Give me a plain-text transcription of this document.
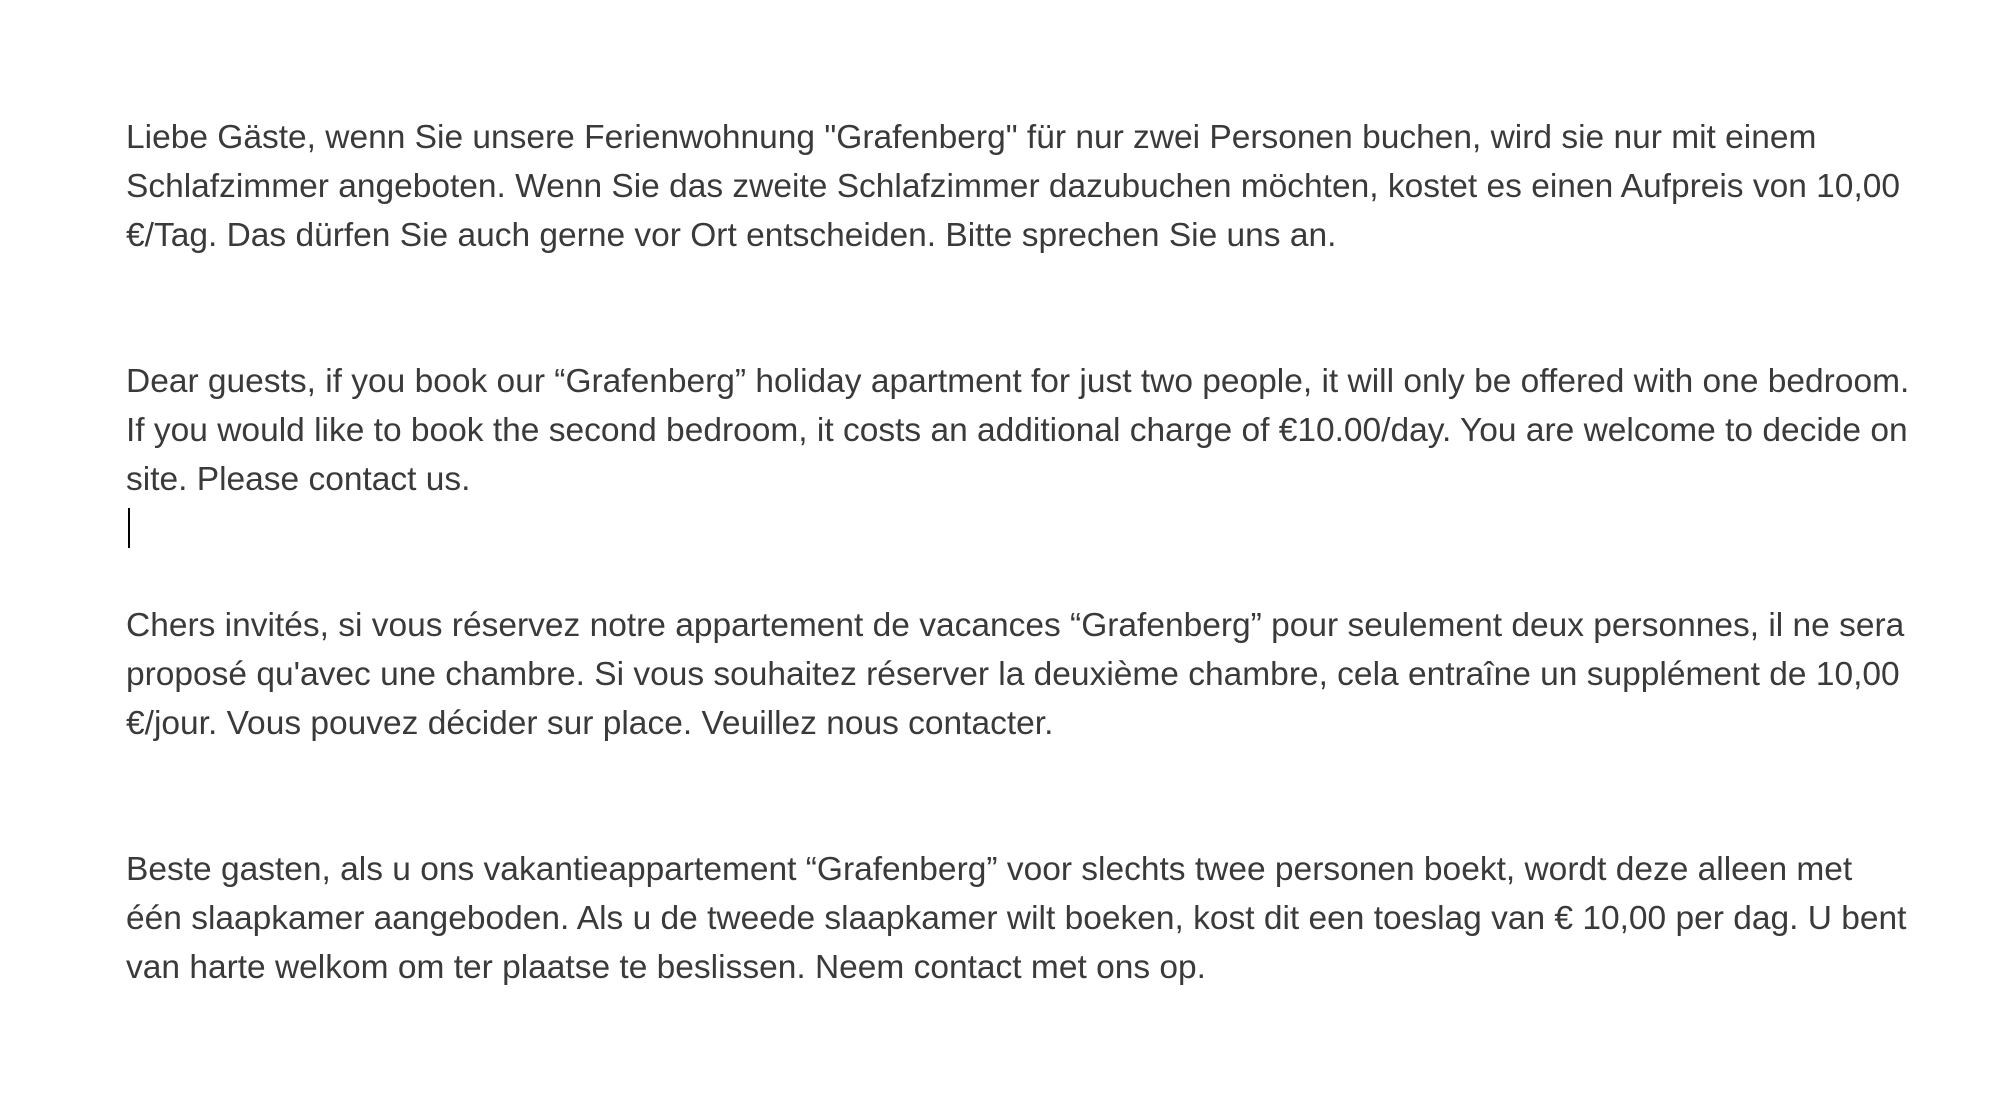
Liebe Gäste, wenn Sie unsere Ferienwohnung "Grafenberg" für nur zwei Personen buchen, wird sie nur mit einem Schlafzimmer angeboten. Wenn Sie das zweite Schlafzimmer dazubuchen möchten, kostet es einen Aufpreis von 10,00 €/Tag. Das dürfen Sie auch gerne vor Ort entscheiden. Bitte sprechen Sie uns an.

Dear guests, if you book our “Grafenberg” holiday apartment for just two people, it will only be offered with one bedroom. If you would like to book the second bedroom, it costs an additional charge of €10.00/day. You are welcome to decide on site. Please contact us.

Chers invités, si vous réservez notre appartement de vacances “Grafenberg” pour seulement deux personnes, il ne sera proposé qu'avec une chambre. Si vous souhaitez réserver la deuxième chambre, cela entraîne un supplément de 10,00 €/jour. Vous pouvez décider sur place. Veuillez nous contacter.

Beste gasten, als u ons vakantieappartement “Grafenberg” voor slechts twee personen boekt, wordt deze alleen met één slaapkamer aangeboden. Als u de tweede slaapkamer wilt boeken, kost dit een toeslag van € 10,00 per dag. U bent van harte welkom om ter plaatse te beslissen. Neem contact met ons op.
